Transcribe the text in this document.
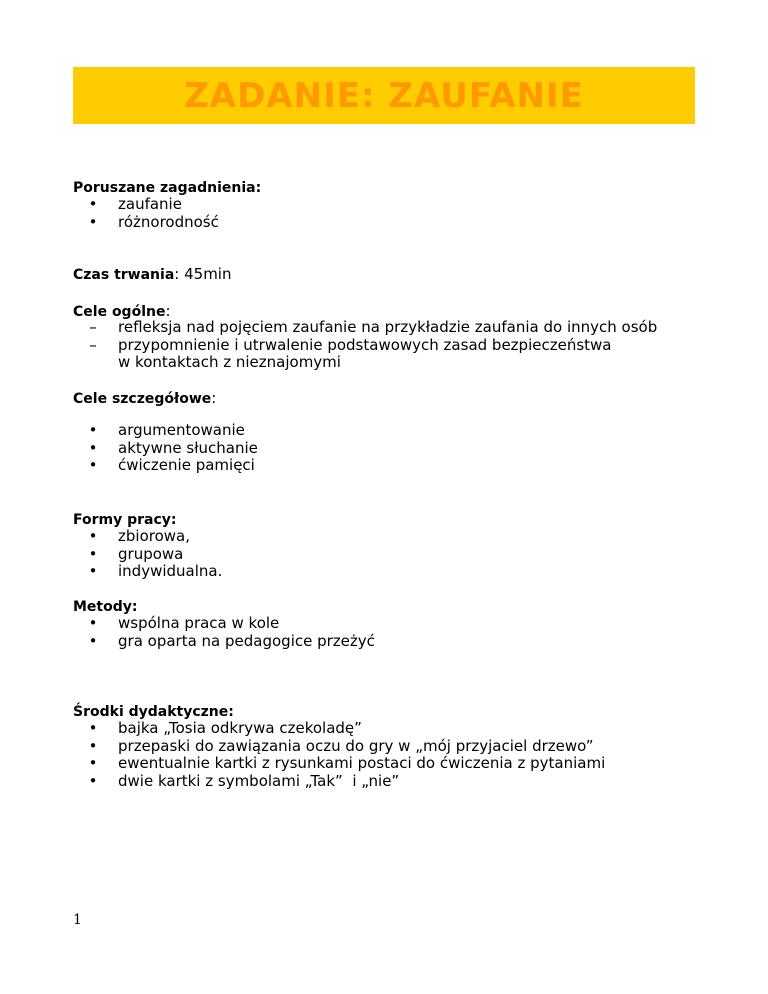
ZADANIE: ZAUFANIE
Poruszane zagadnienia:
• zaufanie
• różnorodność
Czas trwania: 45min
Cele ogólne:
– refleksja nad pojęciem zaufanie na przykładzie zaufania do innych osób
– przypomnienie i utrwalenie podstawowych zasad bezpieczeństwa w kontaktach z nieznajomymi
Cele szczegółowe:
• argumentowanie
• aktywne słuchanie
• ćwiczenie pamięci
Formy pracy:
• zbiorowa,
• grupowa
• indywidualna.
Metody:
• wspólna praca w kole
• gra oparta na pedagogice przeżyć
Środki dydaktyczne:
• bajka „Tosia odkrywa czekoladę”
• przepaski do zawiązania oczu do gry w „mój przyjaciel drzewo”
• ewentualnie kartki z rysunkami postaci do ćwiczenia z pytaniami
• dwie kartki z symbolami „Tak”  i „nie”
1
